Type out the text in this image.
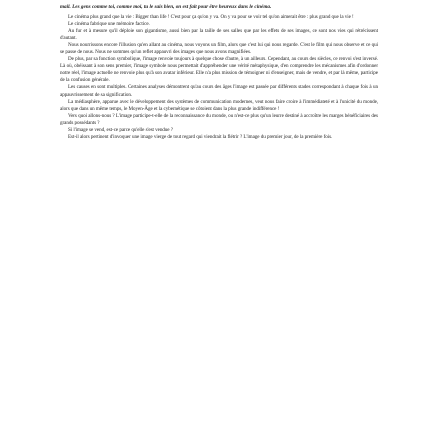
mail. Les gens comme toi, comme moi, tu le sais bien, on est fait pour être heureux dans le cinéma.

Le cinéma plus grand que la vie : Bigger than life ! C'est pour ça qu'on y va. On y va pour se voir tel qu'on aimerait être : plus grand que la vie !

Le cinéma fabrique une mémoire factice.

Au fur et à mesure qu'il déploie son gigantisme, aussi bien par la taille de ses salles que par les effets de ses images, ce sont nos vies qui rétrécissent d'autant.

Nous nourrissons encore l'illusion qu'en allant au cinéma, nous voyons un film, alors que c'est lui qui nous regarde. C'est le film qui nous observe et ce qui se passe de nous. Nous ne sommes qu'un reflet appauvri des images que nous avons magnifiées.

De plus, par sa fonction symbolique, l'image renvoie toujours à quelque chose d'autre, à un ailleurs. Cependant, au cours des siècles, ce renvoi s'est inversé. Là où, obéissant à son sens premier, l'image symbole nous permettait d'appréhender une vérité métaphysique, d'en comprendre les mécanismes afin d'ordonner notre réel, l'image actuelle ne renvoie plus qu'à son avatar inférieur. Elle n'a plus mission de témoigner ni d'enseigner, mais de vendre, et par là même, participe de la confusion générale.

Les causes en sont multiples. Certaines analyses démontrent qu'au cours des âges l'image est passée par différents stades correspondant à chaque fois à un appauvrissement de sa signification.

La médiasphère, apparue avec le développement des systèmes de communication modernes, veut nous faire croire à l'immédiateté et à l'unicité du monde, alors que dans un même temps, le Moyen-Âge et la cybernétique se côtoient dans la plus grande indifférence !

Vers quoi allons-nous ? L'image participe-t-elle de la reconnaissance du monde, ou n'est-ce plus qu'un leurre destiné à accroître les marges bénéficiaires des grands possédants ?

Si l'image se vend, est-ce parce qu'elle s'est vendue ?

Est-il alors pertinent d'invoquer une image vierge de tout regard qui viendrait la flétrir ? L'image du premier jour, de la première fois.
